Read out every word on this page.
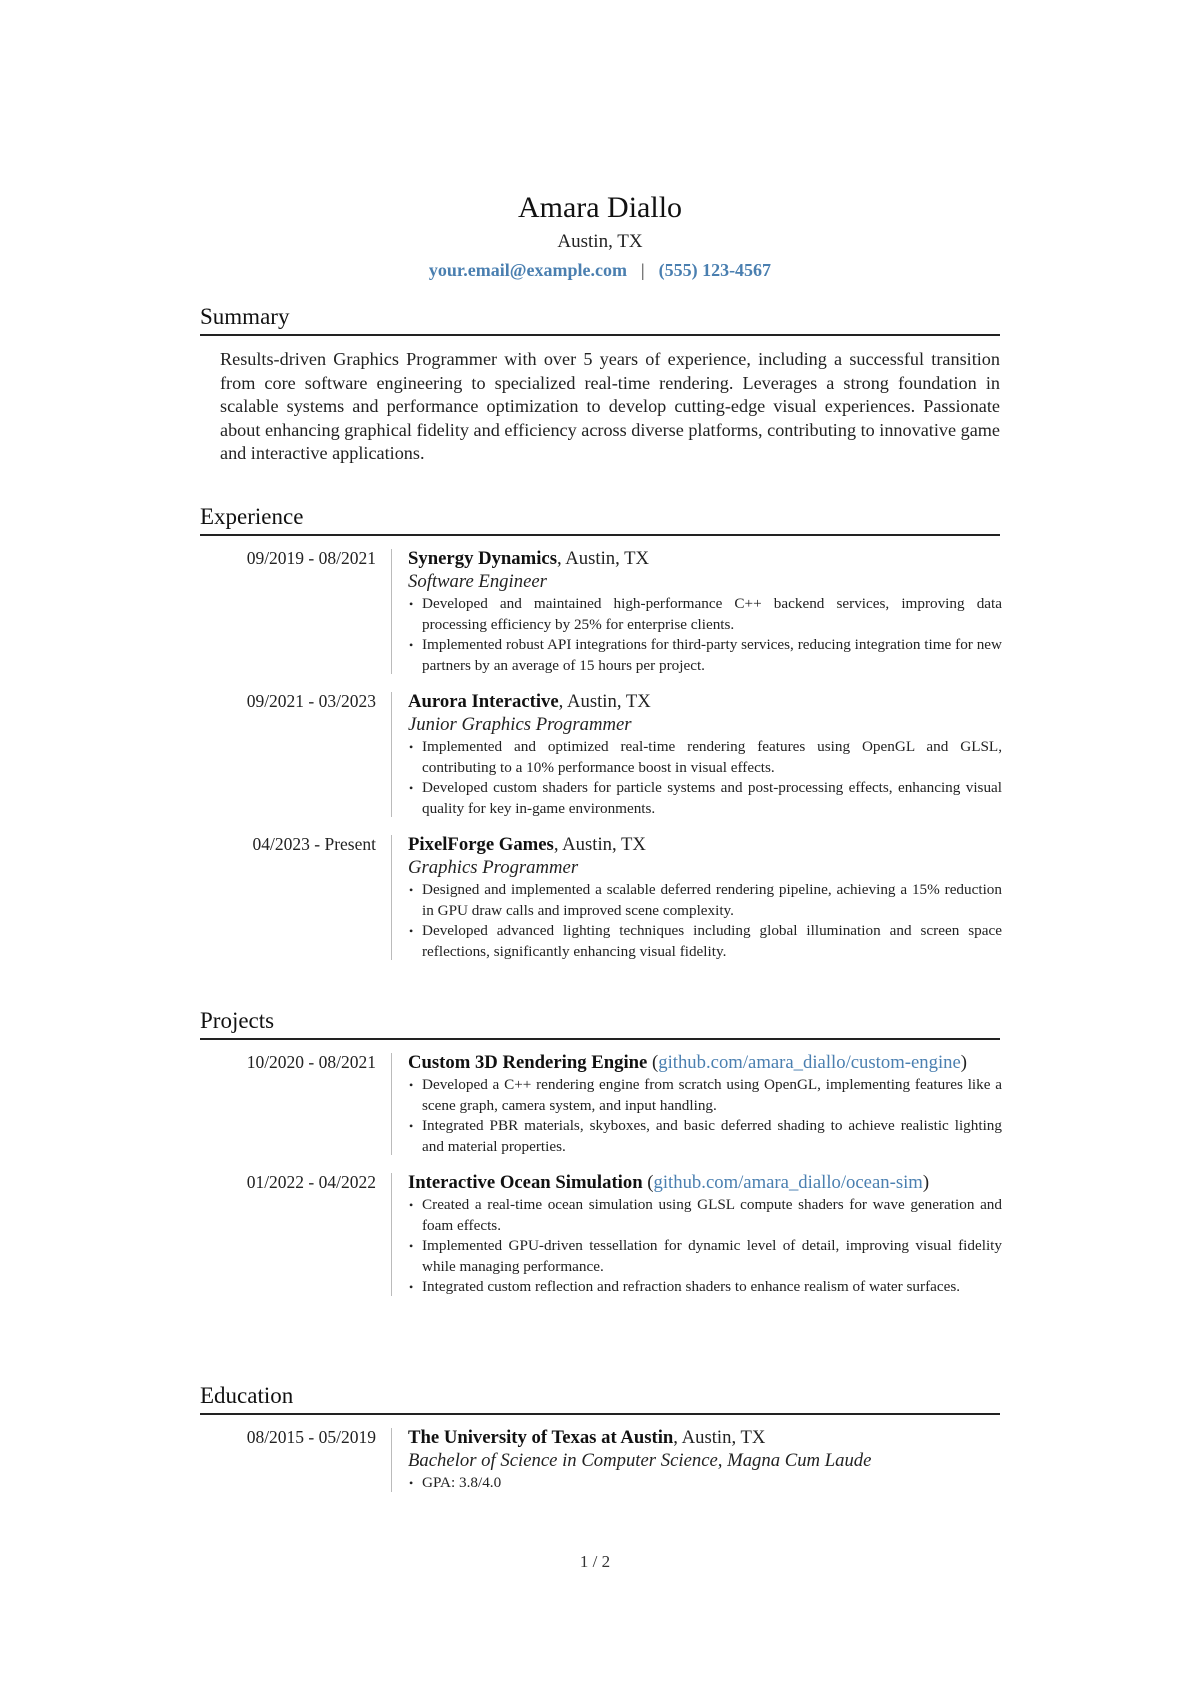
Amara Diallo
Austin, TX
your.email@example.com | (555) 123-4567
Summary
Results-driven Graphics Programmer with over 5 years of experience, including a successful transition from core software engineering to specialized real-time rendering. Leverages a strong foundation in scalable systems and performance optimization to develop cutting-edge visual experiences. Passionate about enhancing graphical fidelity and efficiency across diverse platforms, contributing to innovative game and interactive applications.
Experience
09/2019 - 08/2021 Synergy Dynamics, Austin, TX
Software Engineer
• Developed and maintained high-performance C++ backend services, improving data processing efficiency by 25% for enterprise clients.
• Implemented robust API integrations for third-party services, reducing integration time for new partners by an average of 15 hours per project.
09/2021 - 03/2023 Aurora Interactive, Austin, TX
Junior Graphics Programmer
• Implemented and optimized real-time rendering features using OpenGL and GLSL, contributing to a 10% performance boost in visual effects.
• Developed custom shaders for particle systems and post-processing effects, enhancing visual quality for key in-game environments.
04/2023 - Present PixelForge Games, Austin, TX
Graphics Programmer
• Designed and implemented a scalable deferred rendering pipeline, achieving a 15% reduction in GPU draw calls and improved scene complexity.
• Developed advanced lighting techniques including global illumination and screen space reflections, significantly enhancing visual fidelity.
Projects
10/2020 - 08/2021 Custom 3D Rendering Engine (github.com/amara_diallo/custom-engine)
• Developed a C++ rendering engine from scratch using OpenGL, implementing features like a scene graph, camera system, and input handling.
• Integrated PBR materials, skyboxes, and basic deferred shading to achieve realistic lighting and material properties.
01/2022 - 04/2022 Interactive Ocean Simulation (github.com/amara_diallo/ocean-sim)
• Created a real-time ocean simulation using GLSL compute shaders for wave generation and foam effects.
• Implemented GPU-driven tessellation for dynamic level of detail, improving visual fidelity while managing performance.
• Integrated custom reflection and refraction shaders to enhance realism of water surfaces.
Education
08/2015 - 05/2019 The University of Texas at Austin, Austin, TX
Bachelor of Science in Computer Science, Magna Cum Laude
• GPA: 3.8/4.0
1 / 2
